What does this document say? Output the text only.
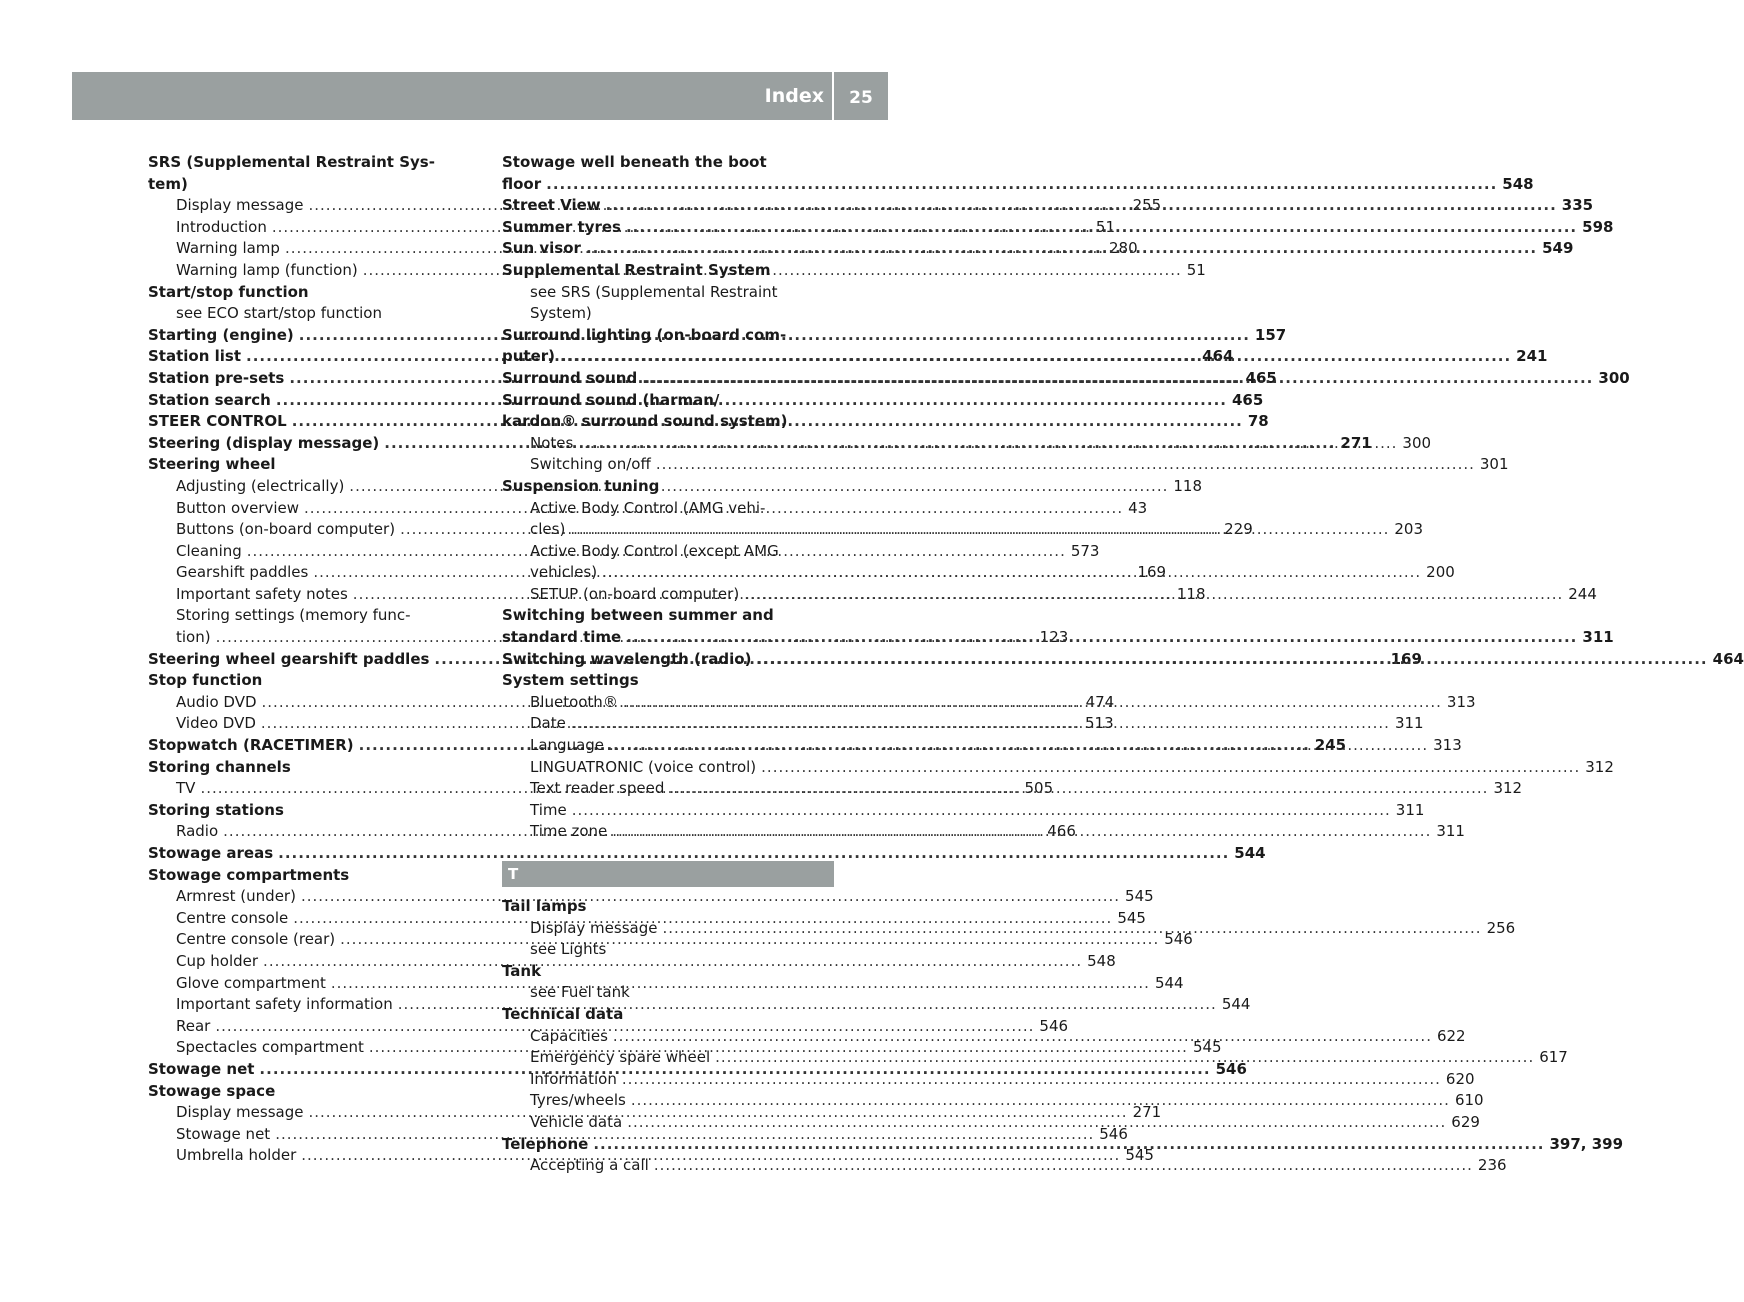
Index	25
SRS (Supplemental Restraint Sys-
tem)
Display message .....	255
Introduction .....	51
Warning lamp .....	280
Warning lamp (function) .....	51
Start/stop function
see ECO start/stop function
Starting (engine) .....	157
Station list .....	464
Station pre-sets .....	465
Station search .....	465
STEER CONTROL .....	78
Steering (display message) .....	271
Steering wheel
Adjusting (electrically) .....	118
Button overview .....	43
Buttons (on-board computer) .....	229
Cleaning .....	573
Gearshift paddles .....	169
Important safety notes .....	118
Storing settings (memory func-
tion) .....	123
Steering wheel gearshift paddles .....	169
Stop function
Audio DVD .....	474
Video DVD .....	513
Stopwatch (RACETIMER) .....	245
Storing channels
TV .....	505
Storing stations
Radio .....	466
Stowage areas .....	544
Stowage compartments
Armrest (under) .....	545
Centre console .....	545
Centre console (rear) .....	546
Cup holder .....	548
Glove compartment .....	544
Important safety information .....	544
Rear .....	546
Spectacles compartment .....	545
Stowage net .....	546
Stowage space
Display message .....	271
Stowage net .....	546
Umbrella holder .....	545
Stowage well beneath the boot
floor .....	548
Street View .....	335
Summer tyres .....	598
Sun visor .....	549
Supplemental Restraint System
see SRS (Supplemental Restraint
System)
Surround lighting (on-board com-
puter) .....	241
Surround sound .....	300
Surround sound (harman/
kardon® surround sound system)
Notes .....	300
Switching on/off .....	301
Suspension tuning
Active Body Control (AMG vehi-
cles) .....	203
Active Body Control (except AMG
vehicles) .....	200
SETUP (on-board computer) .....	244
Switching between summer and
standard time .....	311
Switching wavelength (radio) .....	464
System settings
Bluetooth® .....	313
Date .....	311
Language .....	313
LINGUATRONIC (voice control) .....	312
Text reader speed .....	312
Time .....	311
Time zone .....	311
T
Tail lamps
Display message .....	256
see Lights
Tank
see Fuel tank
Technical data
Capacities .....	622
Emergency spare wheel .....	617
Information .....	620
Tyres/wheels .....	610
Vehicle data .....	629
Telephone .....	397, 399
Accepting a call .....	236
